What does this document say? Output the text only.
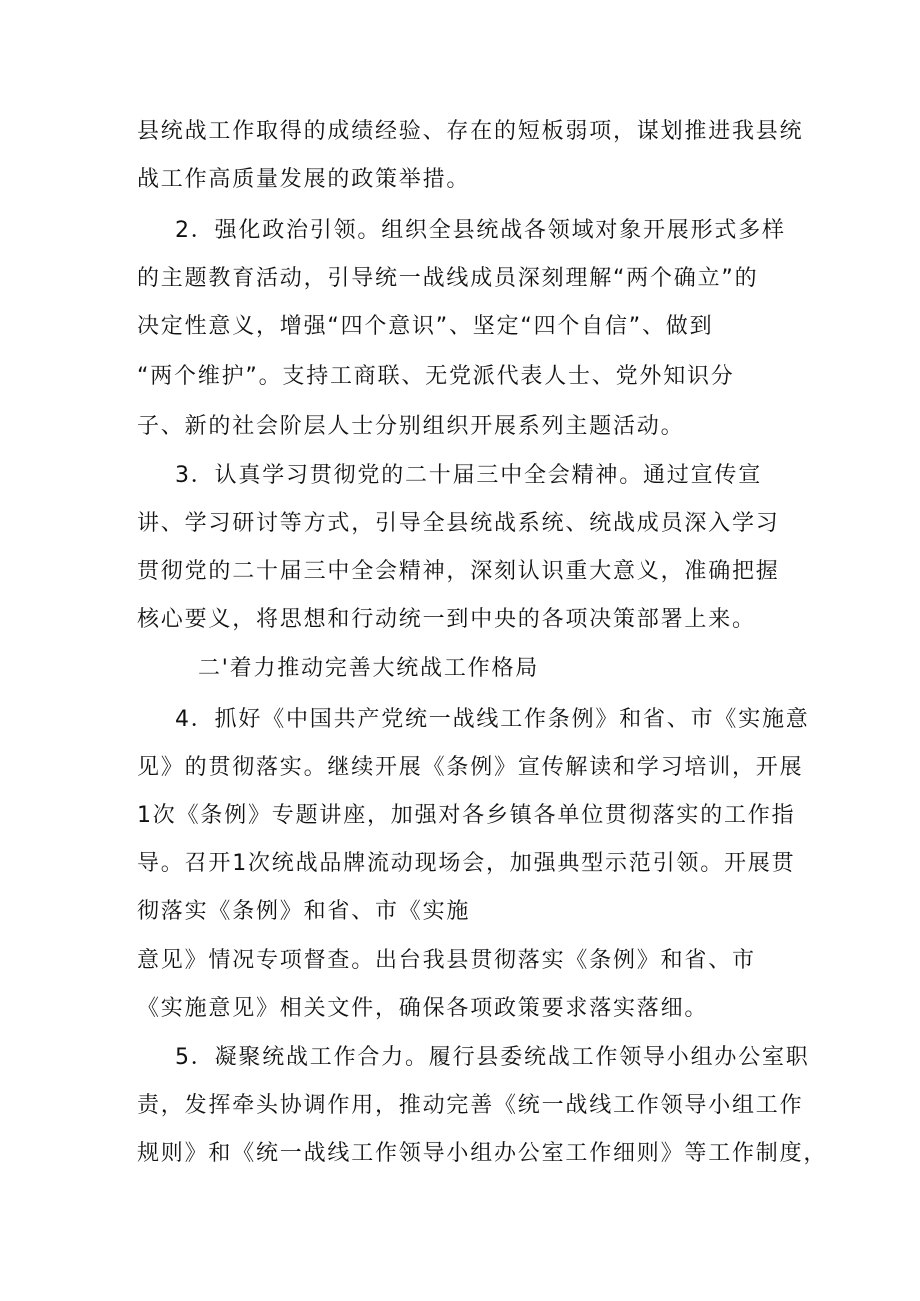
县统战工作取得的成绩经验、存在的短板弱项，谋划推进我县统
战工作高质量发展的政策举措。
2．强化政治引领。组织全县统战各领域对象开展形式多样
的主题教育活动，引导统一战线成员深刻理解“两个确立”的
决定性意义，增强“四个意识”、坚定“四个自信”、做到
“两个维护”。支持工商联、无党派代表人士、党外知识分
子、新的社会阶层人士分别组织开展系列主题活动。
3．认真学习贯彻党的二十届三中全会精神。通过宣传宣
讲、学习研讨等方式，引导全县统战系统、统战成员深入学习
贯彻党的二十届三中全会精神，深刻认识重大意义，准确把握
核心要义，将思想和行动统一到中央的各项决策部署上来。
二'着力推动完善大统战工作格局
4．抓好《中国共产党统一战线工作条例》和省、市《实施意
见》的贯彻落实。继续开展《条例》宣传解读和学习培训，开展
1次《条例》专题讲座，加强对各乡镇各单位贯彻落实的工作指
导。召开1次统战品牌流动现场会，加强典型示范引领。开展贯
彻落实《条例》和省、市《实施
意见》情况专项督查。出台我县贯彻落实《条例》和省、市
《实施意见》相关文件，确保各项政策要求落实落细。
5．凝聚统战工作合力。履行县委统战工作领导小组办公室职
责，发挥牵头协调作用，推动完善《统一战线工作领导小组工作
规则》和《统一战线工作领导小组办公室工作细则》等工作制度，
